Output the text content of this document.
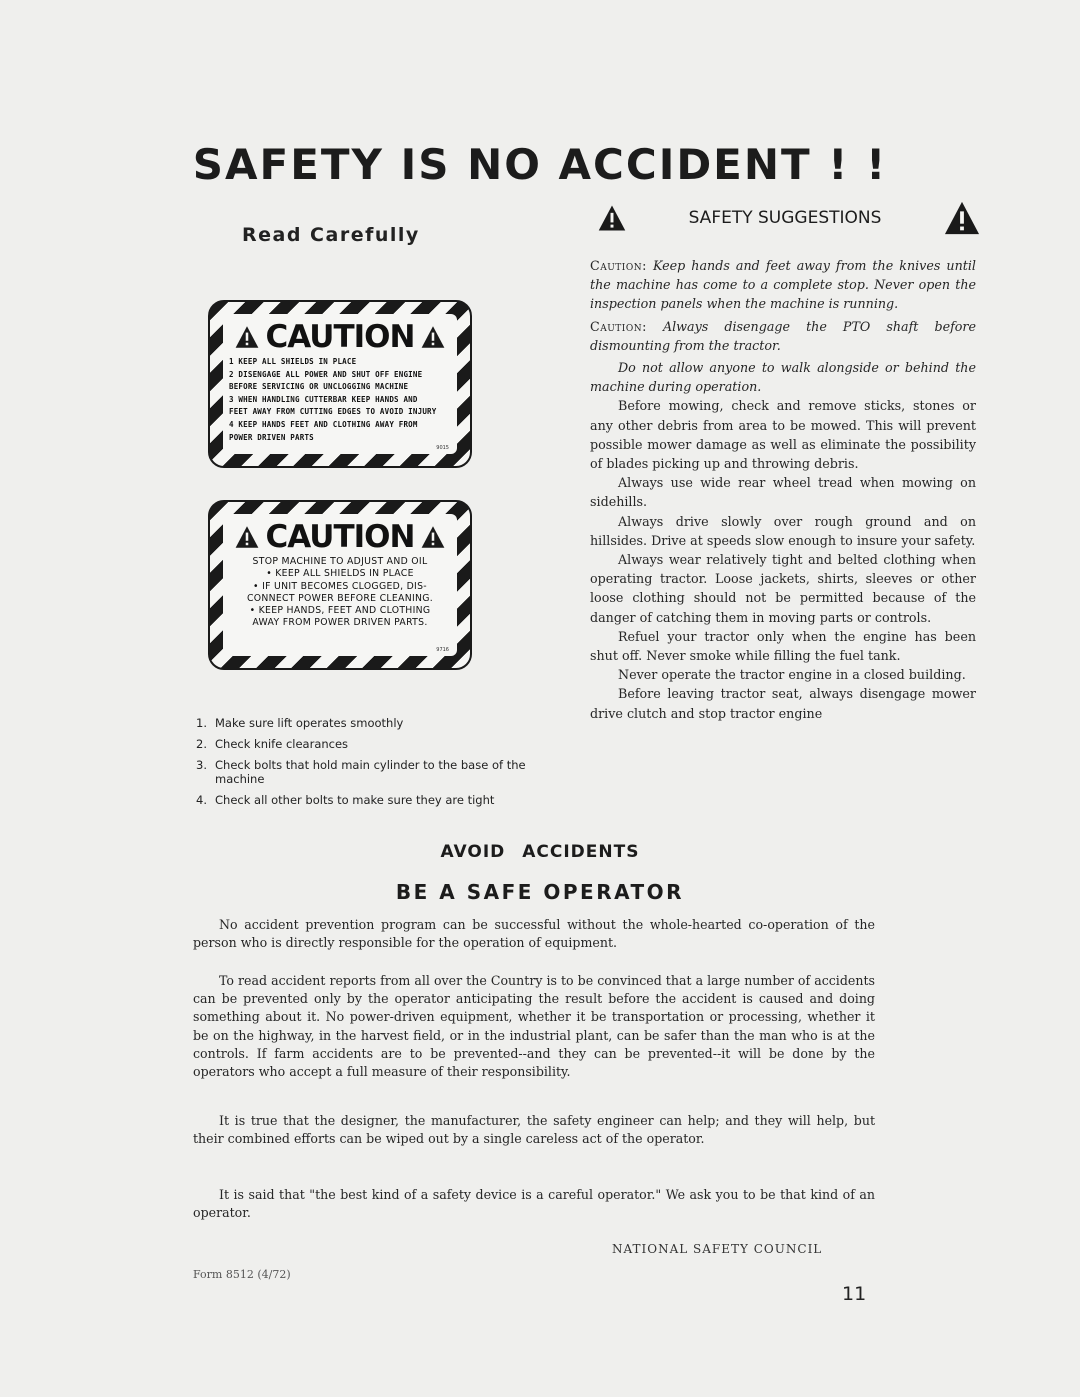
SAFETY IS NO ACCIDENT ! !
Read Carefully
CAUTION
1 KEEP ALL SHIELDS IN PLACE
2 DISENGAGE ALL POWER AND SHUT OFF ENGINE
BEFORE SERVICING OR UNCLOGGING MACHINE
3 WHEN HANDLING CUTTERBAR KEEP HANDS AND
FEET AWAY FROM CUTTING EDGES TO AVOID INJURY
4 KEEP HANDS FEET AND CLOTHING AWAY FROM
POWER DRIVEN PARTS
9015
CAUTION
STOP MACHINE TO ADJUST AND OIL
• KEEP ALL SHIELDS IN PLACE
• IF UNIT BECOMES CLOGGED, DIS-
CONNECT POWER BEFORE CLEANING.
• KEEP HANDS, FEET AND CLOTHING
AWAY FROM POWER DRIVEN PARTS.
9716
1. Make sure lift operates smoothly
2. Check knife clearances
3. Check bolts that hold main cylinder to the base of the machine
4. Check all other bolts to make sure they are tight
SAFETY SUGGESTIONS

Caution: Keep hands and feet away from the knives until the machine has come to a complete stop. Never open the inspection panels when the machine is running.

Caution: Always disengage the PTO shaft before dismounting from the tractor.

Do not allow anyone to walk alongside or behind the machine during operation.

Before mowing, check and remove sticks, stones or any other debris from area to be mowed. This will prevent possible mower damage as well as eliminate the possibility of blades picking up and throwing debris.

Always use wide rear wheel tread when mowing on sidehills.

Always drive slowly over rough ground and on hillsides. Drive at speeds slow enough to insure your safety.

Always wear relatively tight and belted clothing when operating tractor. Loose jackets, shirts, sleeves or other loose clothing should not be permitted because of the danger of catching them in moving parts or controls.

Refuel your tractor only when the engine has been shut off. Never smoke while filling the fuel tank.

Never operate the tractor engine in a closed building.

Before leaving tractor seat, always disengage mower drive clutch and stop tractor engine

AVOID ACCIDENTS
BE A SAFE OPERATOR

No accident prevention program can be successful without the whole-hearted co-operation of the person who is directly responsible for the operation of equipment.

To read accident reports from all over the Country is to be convinced that a large number of accidents can be prevented only by the operator anticipating the result before the accident is caused and doing something about it. No power-driven equipment, whether it be transportation or processing, whether it be on the highway, in the harvest field, or in the industrial plant, can be safer than the man who is at the controls. If farm accidents are to be prevented--and they can be prevented--it will be done by the operators who accept a full measure of their responsibility.

It is true that the designer, the manufacturer, the safety engineer can help; and they will help, but their combined efforts can be wiped out by a single careless act of the operator.

It is said that "the best kind of a safety device is a careful operator." We ask you to be that kind of an operator.

NATIONAL SAFETY COUNCIL
Form 8512 (4/72)
11
